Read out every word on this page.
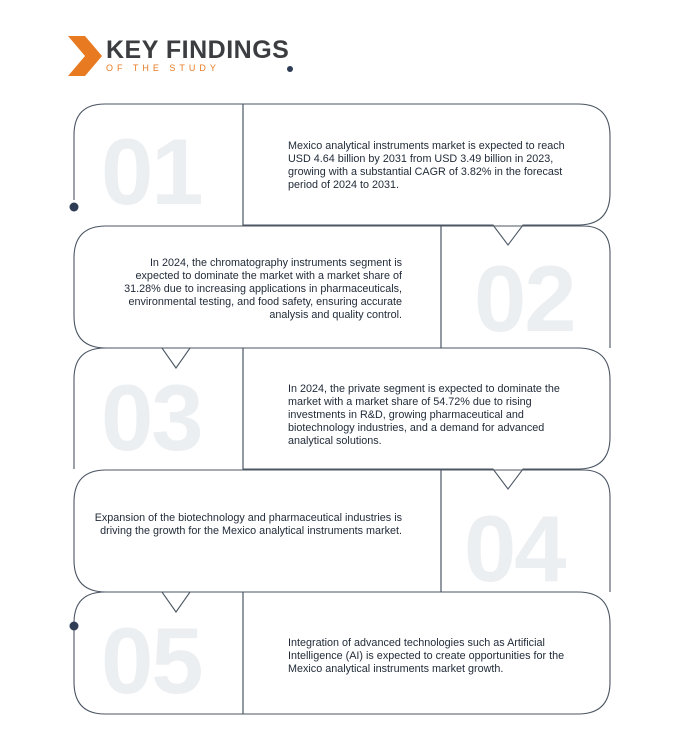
KEY FINDINGS
OF THE STUDY
01	Mexico analytical instruments market is expected to reach USD 4.64 billion by 2031 from USD 3.49 billion in 2023, growing with a substantial CAGR of 3.82% in the forecast period of 2024 to 2031.
02
In 2024, the chromatography instruments segment is expected to dominate the market with a market share of 31.28% due to increasing applications in pharmaceuticals, environmental testing, and food safety, ensuring accurate analysis and quality control.
03	In 2024, the private segment is expected to dominate the market with a market share of 54.72% due to rising investments in R&D, growing pharmaceutical and biotechnology industries, and a demand for advanced analytical solutions.
04
Expansion of the biotechnology and pharmaceutical industries is driving the growth for the Mexico analytical instruments market.
05	Integration of advanced technologies such as Artificial Intelligence (AI) is expected to create opportunities for the Mexico analytical instruments market growth.
